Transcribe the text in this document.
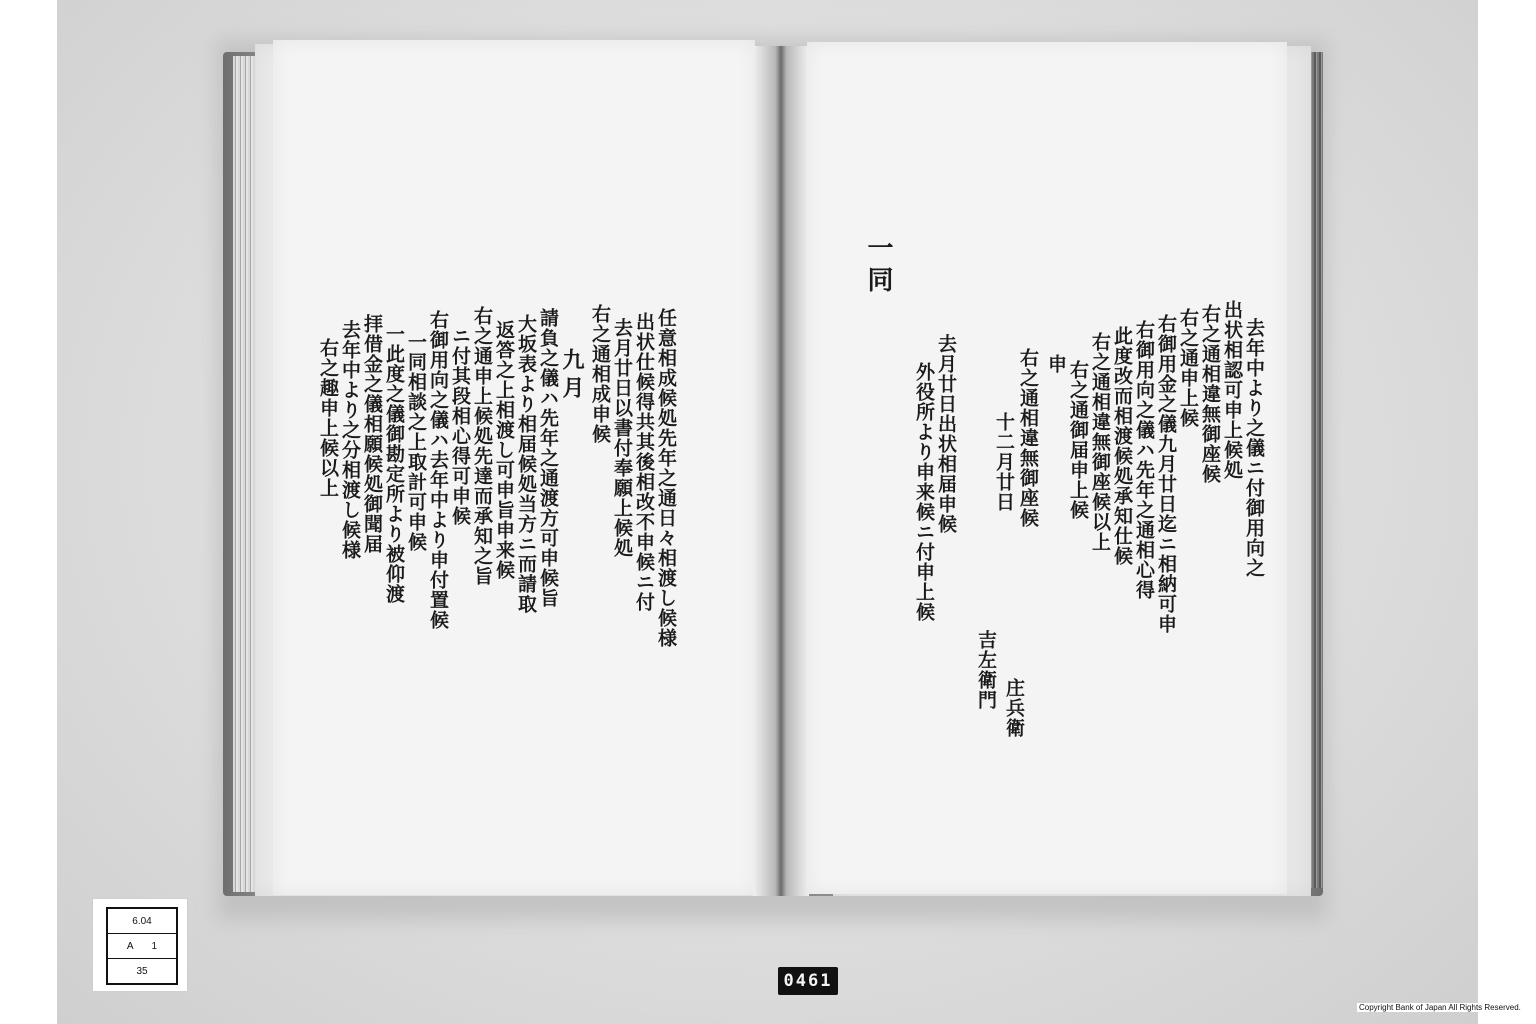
任意相成候処先年之通日々相渡し候様
出状仕候得共其後相改不申候ニ付
去月廿日以書付奉願上候処
右之通相成申候
九月
請負之儀ハ先年之通渡方可申候旨
大坂表より相届候処当方ニ而請取
返答之上相渡し可申旨申来候
右之通申上候処先達而承知之旨
ニ付其段相心得可申候
右御用向之儀ハ去年中より申付置候
一同相談之上取計可申候
一此度之儀御勘定所より被仰渡
拝借金之儀相願候処御聞届
去年中より之分相渡し候様
右之趣申上候以上	去年中より之儀ニ付御用向之
出状相認可申上候処
右之通相違無御座候
右之通申上候
右御用金之儀九月廿日迄ニ相納可申
右御用向之儀ハ先年之通相心得
此度改而相渡候処承知仕候
右之通相違無御座候以上
右之通御届申上候
申
右之通相違無御座候
十二月廿日
去月廿日出状相届申候
外役所より申来候ニ付申上候
一同
吉左衛門 庄兵衛
6.04
A 1
35	0461
Copyright Bank of Japan All Rights Reserved.
